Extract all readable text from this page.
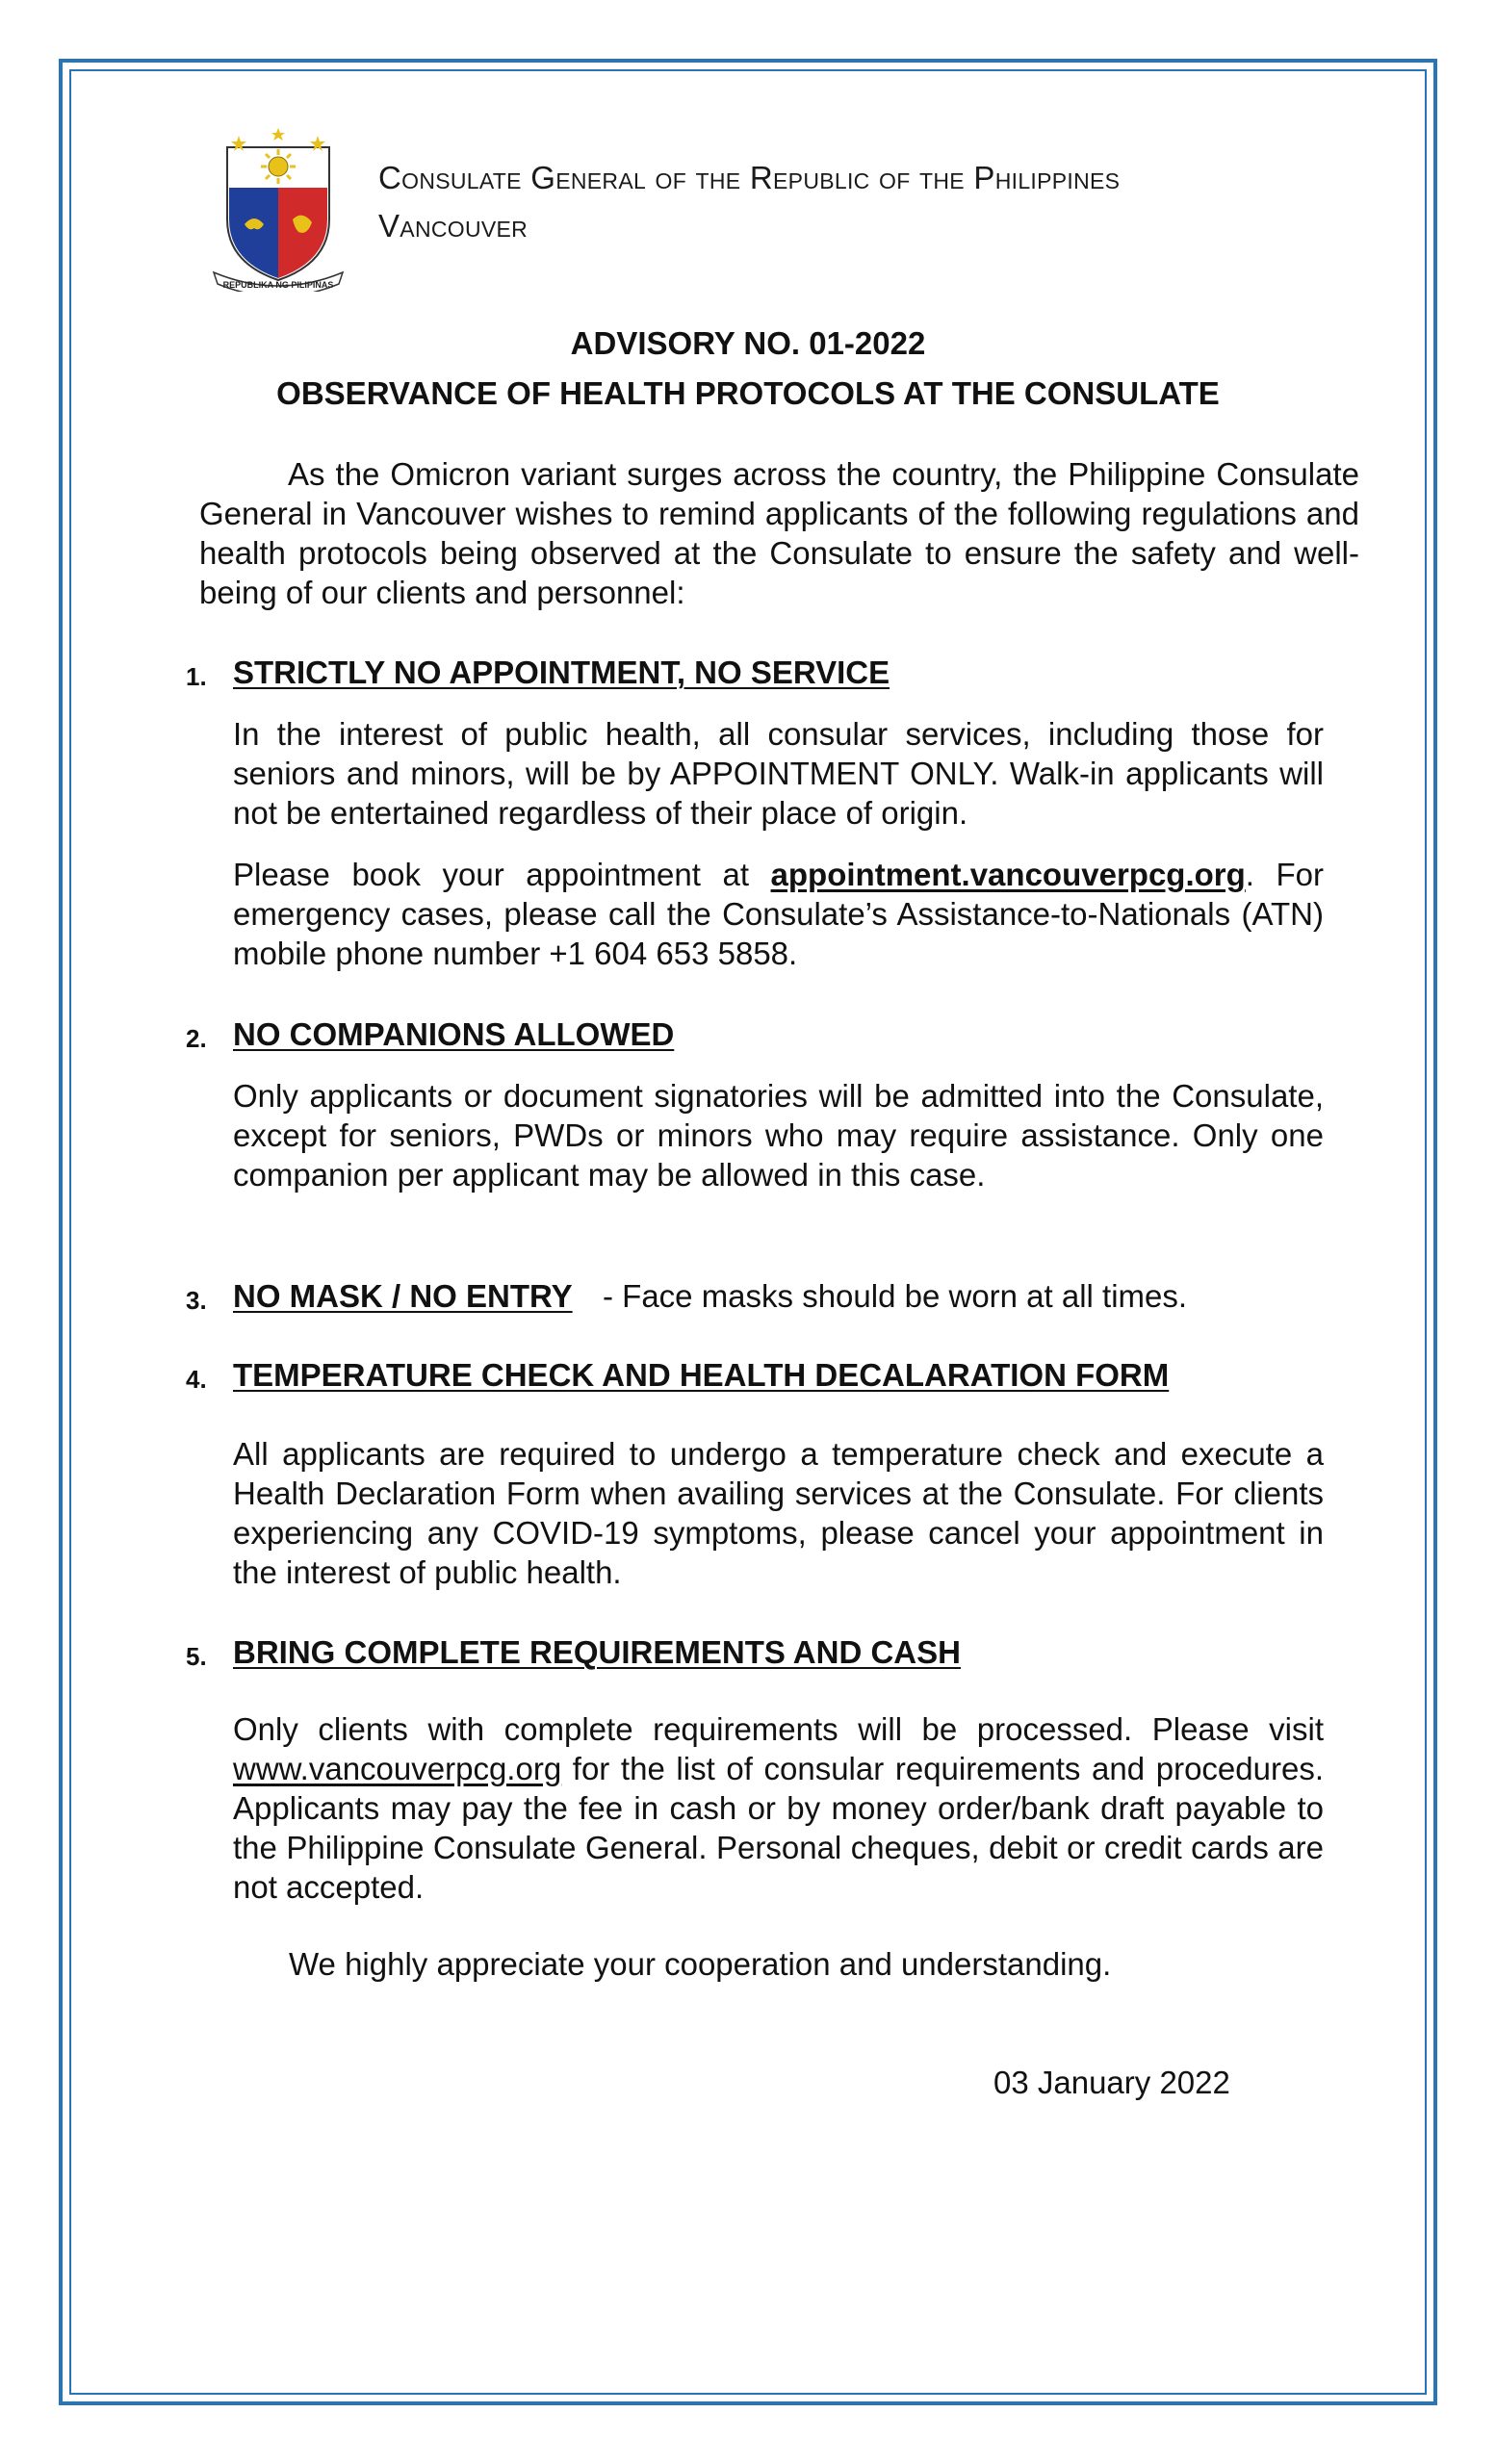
REPUBLIKA NG PILIPINAS
Consulate General of the Republic of the Philippines
Vancouver
ADVISORY NO. 01-2022
OBSERVANCE OF HEALTH PROTOCOLS AT THE CONSULATE
As the Omicron variant surges across the country, the Philippine Consulate General in Vancouver wishes to remind applicants of the following regulations and health protocols being observed at the Consulate to ensure the safety and well-being of our clients and personnel:
1. STRICTLY NO APPOINTMENT, NO SERVICE
In the interest of public health, all consular services, including those for seniors and minors, will be by APPOINTMENT ONLY. Walk-in applicants will not be entertained regardless of their place of origin.
Please book your appointment at appointment.vancouverpcg.org. For emergency cases, please call the Consulate’s Assistance-to-Nationals (ATN) mobile phone number +1 604 653 5858.
2. NO COMPANIONS ALLOWED
Only applicants or document signatories will be admitted into the Consulate, except for seniors, PWDs or minors who may require assistance. Only one companion per applicant may be allowed in this case.
3. NO MASK / NO ENTRY - Face masks should be worn at all times.
4. TEMPERATURE CHECK AND HEALTH DECALARATION FORM
All applicants are required to undergo a temperature check and execute a Health Declaration Form when availing services at the Consulate. For clients experiencing any COVID-19 symptoms, please cancel your appointment in the interest of public health.
5. BRING COMPLETE REQUIREMENTS AND CASH
Only clients with complete requirements will be processed. Please visit www.vancouverpcg.org for the list of consular requirements and procedures. Applicants may pay the fee in cash or by money order/bank draft payable to the Philippine Consulate General. Personal cheques, debit or credit cards are not accepted.
We highly appreciate your cooperation and understanding.
03 January 2022
